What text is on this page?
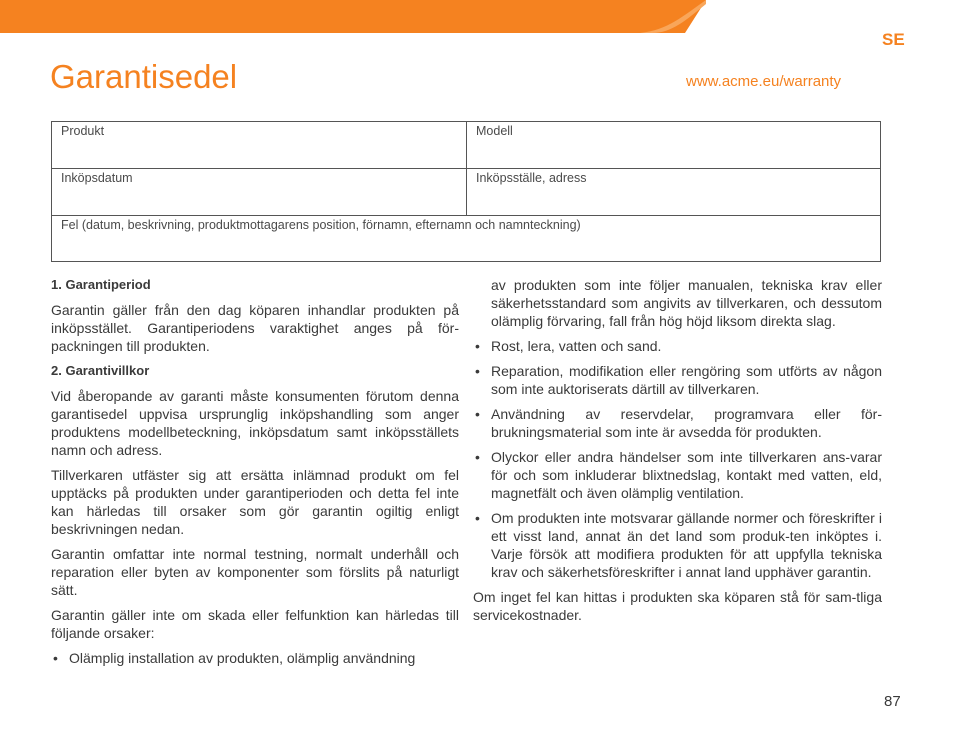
SE
Garantisedel	www.acme.eu/warranty
Produkt	Modell
Inköpsdatum	Inköpsställe, adress
Fel (datum, beskrivning, produktmottagarens position, förnamn, efternamn och namnteckning)
1. Garantiperiod

Garantin gäller från den dag köparen inhandlar produkten på inköpsstället. Garantiperiodens varaktighet anges på för-packningen till produkten.

2. Garantivillkor

Vid åberopande av garanti måste konsumenten förutom denna garantisedel uppvisa ursprunglig inköpshandling som anger produktens modellbeteckning, inköpsdatum samt inköpsställets namn och adress.

Tillverkaren utfäster sig att ersätta inlämnad produkt om fel upptäcks på produkten under garantiperioden och detta fel inte kan härledas till orsaker som gör garantin ogiltig enligt beskrivningen nedan.

Garantin omfattar inte normal testning, normalt underhåll och reparation eller byten av komponenter som förslits på naturligt sätt.

Garantin gäller inte om skada eller felfunktion kan härledas till följande orsaker:

• Olämplig installation av produkten, olämplig användning
av produkten som inte följer manualen, tekniska krav eller säkerhetsstandard som angivits av tillverkaren, och dessutom olämplig förvaring, fall från hög höjd liksom direkta slag.
• Rost, lera, vatten och sand.
• Reparation, modifikation eller rengöring som utförts av någon som inte auktoriserats därtill av tillverkaren.
• Användning av reservdelar, programvara eller för-brukningsmaterial som inte är avsedda för produkten.
• Olyckor eller andra händelser som inte tillverkaren ans-varar för och som inkluderar blixtnedslag, kontakt med vatten, eld, magnetfält och även olämplig ventilation.
• Om produkten inte motsvarar gällande normer och föreskrifter i ett visst land, annat än det land som produk-ten inköptes i. Varje försök att modifiera produkten för att uppfylla tekniska krav och säkerhetsföreskrifter i annat land upphäver garantin.

Om inget fel kan hittas i produkten ska köparen stå för sam-tliga servicekostnader.

87
